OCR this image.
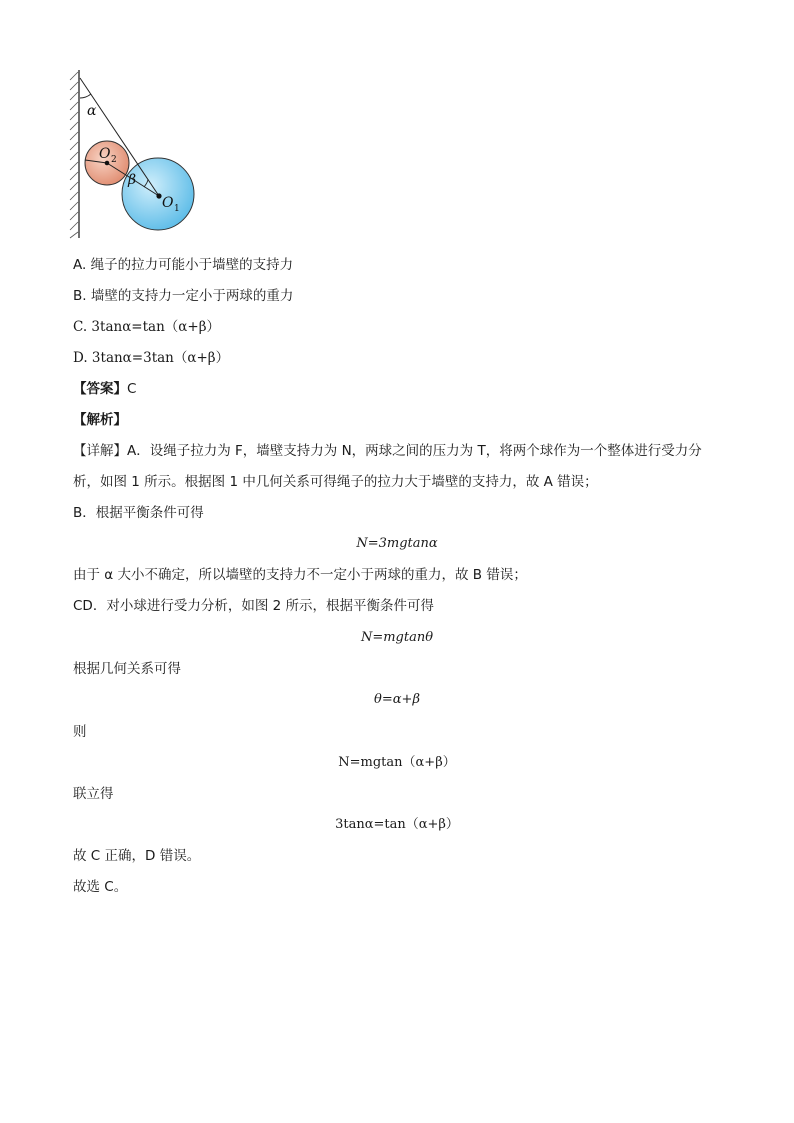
α
β
O 2
O 1
A. 绳子的拉力可能小于墙壁的支持力
B. 墙壁的支持力一定小于两球的重力
C. 3tanα=tan（α+β）
D. 3tanα=3tan（α+β）
【答案】C
【解析】
【详解】A．设绳子拉力为 F，墙壁支持力为 N，两球之间的压力为 T，将两个球作为一个整体进行受力分
析，如图 1 所示。根据图 1 中几何关系可得绳子的拉力大于墙壁的支持力，故 A 错误；
B．根据平衡条件可得
N=3mgtanα
由于 α 大小不确定，所以墙壁的支持力不一定小于两球的重力，故 B 错误；
CD．对小球进行受力分析，如图 2 所示，根据平衡条件可得
N=mgtanθ
根据几何关系可得
θ=α+β
则
N=mgtan（α+β）
联立得
3tanα=tan（α+β）
故 C 正确，D 错误。
故选 C。
